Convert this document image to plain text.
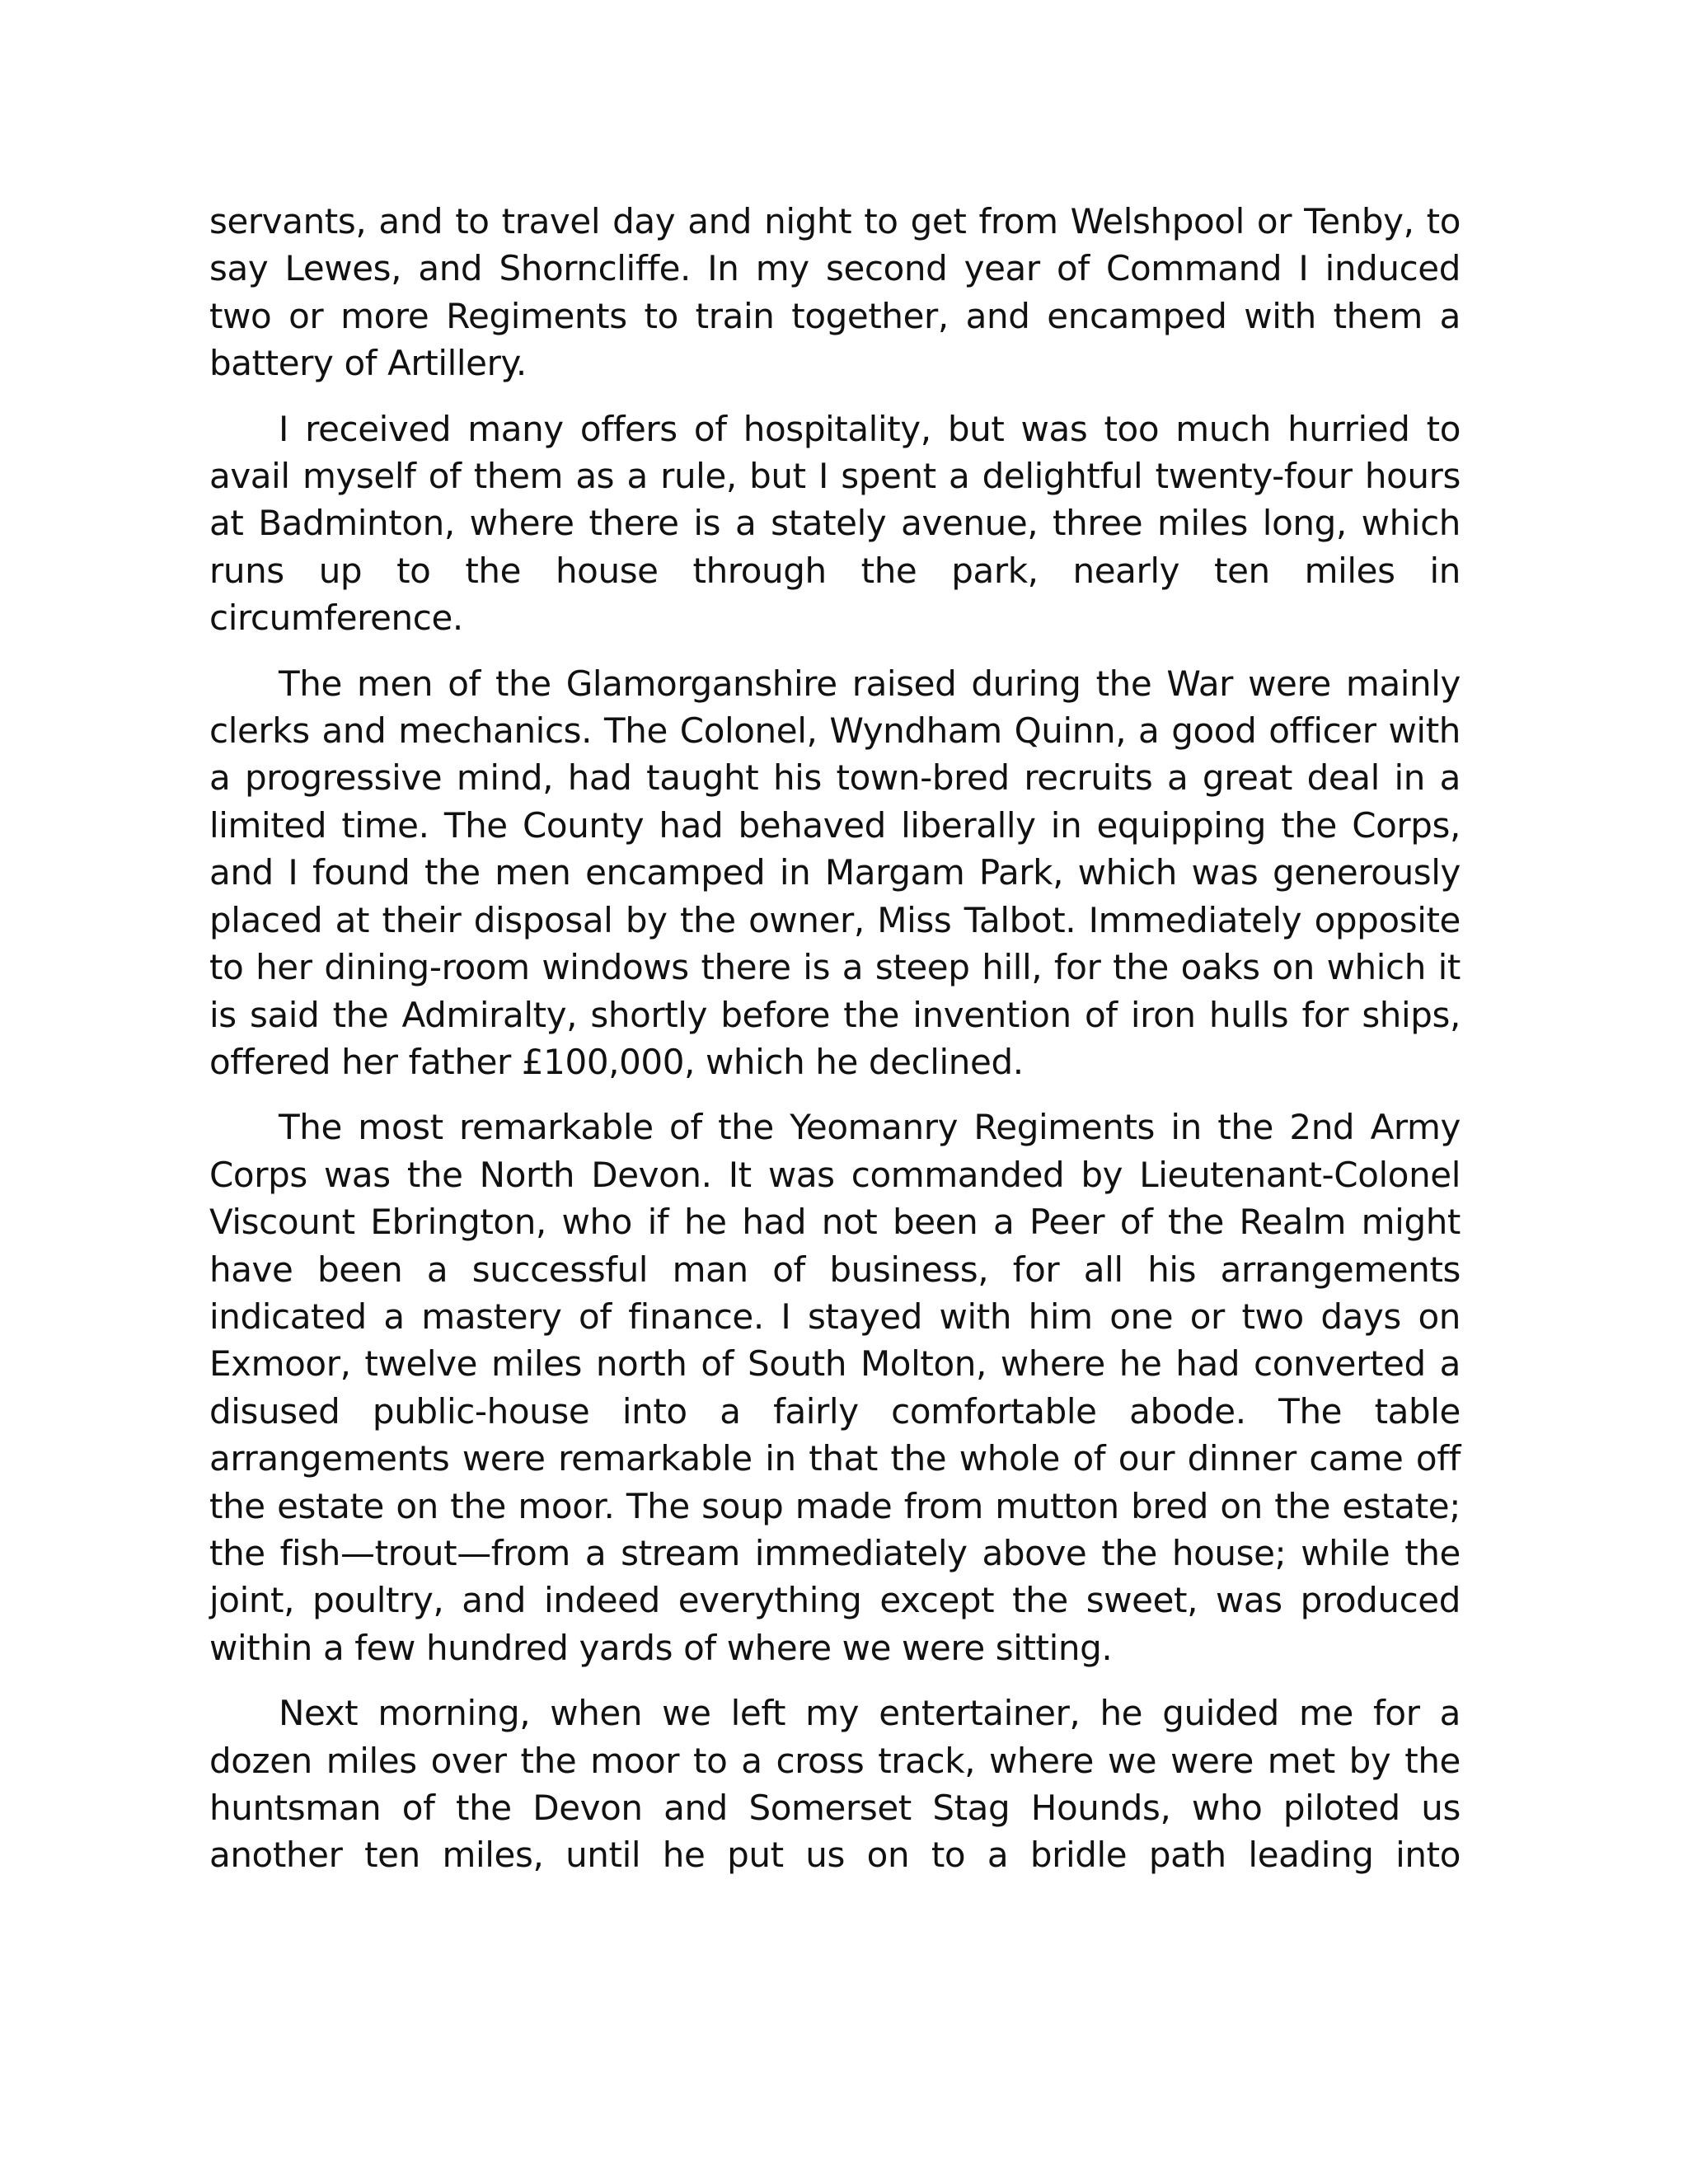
servants, and to travel day and night to get from Welshpool or Tenby, to say Lewes, and Shorncliffe. In my second year of Command I induced two or more Regiments to train together, and encamped with them a battery of Artillery.

I received many offers of hospitality, but was too much hurried to avail myself of them as a rule, but I spent a delightful twenty-four hours at Badminton, where there is a stately avenue, three miles long, which runs up to the house through the park, nearly ten miles in circumference.

The men of the Glamorganshire raised during the War were mainly clerks and mechanics. The Colonel, Wyndham Quinn, a good officer with a progressive mind, had taught his town-bred recruits a great deal in a limited time. The County had behaved liberally in equipping the Corps, and I found the men encamped in Margam Park, which was generously placed at their disposal by the owner, Miss Talbot. Immediately opposite to her dining-room windows there is a steep hill, for the oaks on which it is said the Admiralty, shortly before the invention of iron hulls for ships, offered her father £100,000, which he declined.

The most remarkable of the Yeomanry Regiments in the 2nd Army Corps was the North Devon. It was commanded by Lieutenant-Colonel Viscount Ebrington, who if he had not been a Peer of the Realm might have been a successful man of business, for all his arrangements indicated a mastery of finance. I stayed with him one or two days on Exmoor, twelve miles north of South Molton, where he had converted a disused public-house into a fairly comfortable abode. The table arrangements were remarkable in that the whole of our dinner came off the estate on the moor. The soup made from mutton bred on the estate; the fish—trout—from a stream immediately above the house; while the joint, poultry, and indeed everything except the sweet, was produced within a few hundred yards of where we were sitting.

Next morning, when we left my entertainer, he guided me for a dozen miles over the moor to a cross track, where we were met by the huntsman of the Devon and Somerset Stag Hounds, who piloted us another ten miles, until he put us on to a bridle path leading into
